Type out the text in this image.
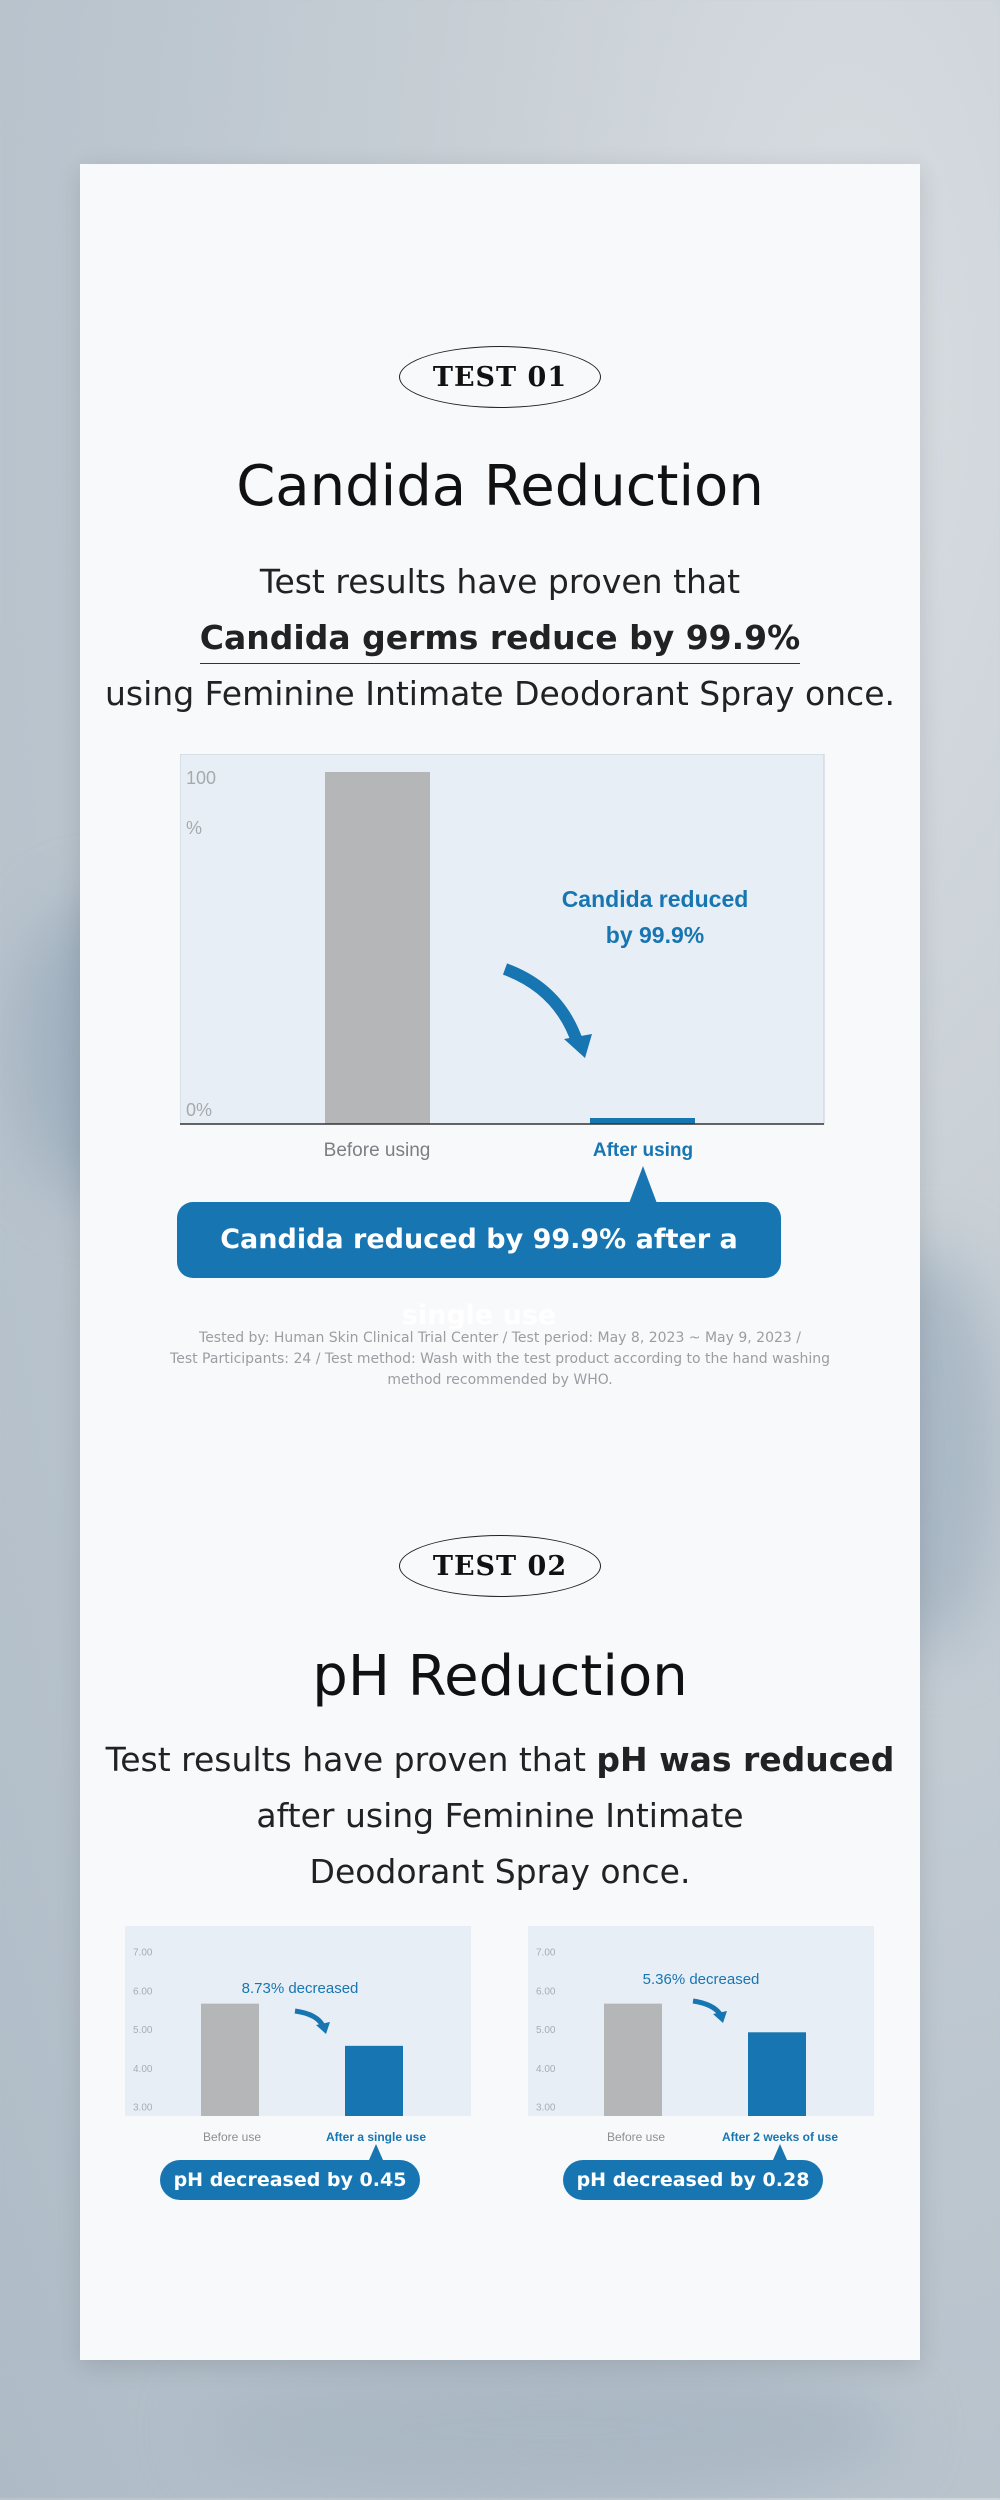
TEST 01
Candida Reduction
Test results have proven that
Candida germs reduce by 99.9%
using Feminine Intimate Deodorant Spray once.
100
%
0%
Candida reduced
by 99.9%
Before using	After using
Candida reduced by 99.9% after a single use
Tested by: Human Skin Clinical Trial Center / Test period: May 8, 2023 ~ May 9, 2023 /
Test Participants: 24 / Test method: Wash with the test product according to the hand washing
method recommended by WHO.
TEST 02
pH Reduction
Test results have proven that pH was reduced
after using Feminine Intimate
Deodorant Spray once.
7.00
6.00
5.00
4.00
3.00
8.73% decreased
Before use	After a single use
pH decreased by 0.45
7.00
6.00
5.00
4.00
3.00
5.36% decreased
Before use	After 2 weeks of use
pH decreased by 0.28
